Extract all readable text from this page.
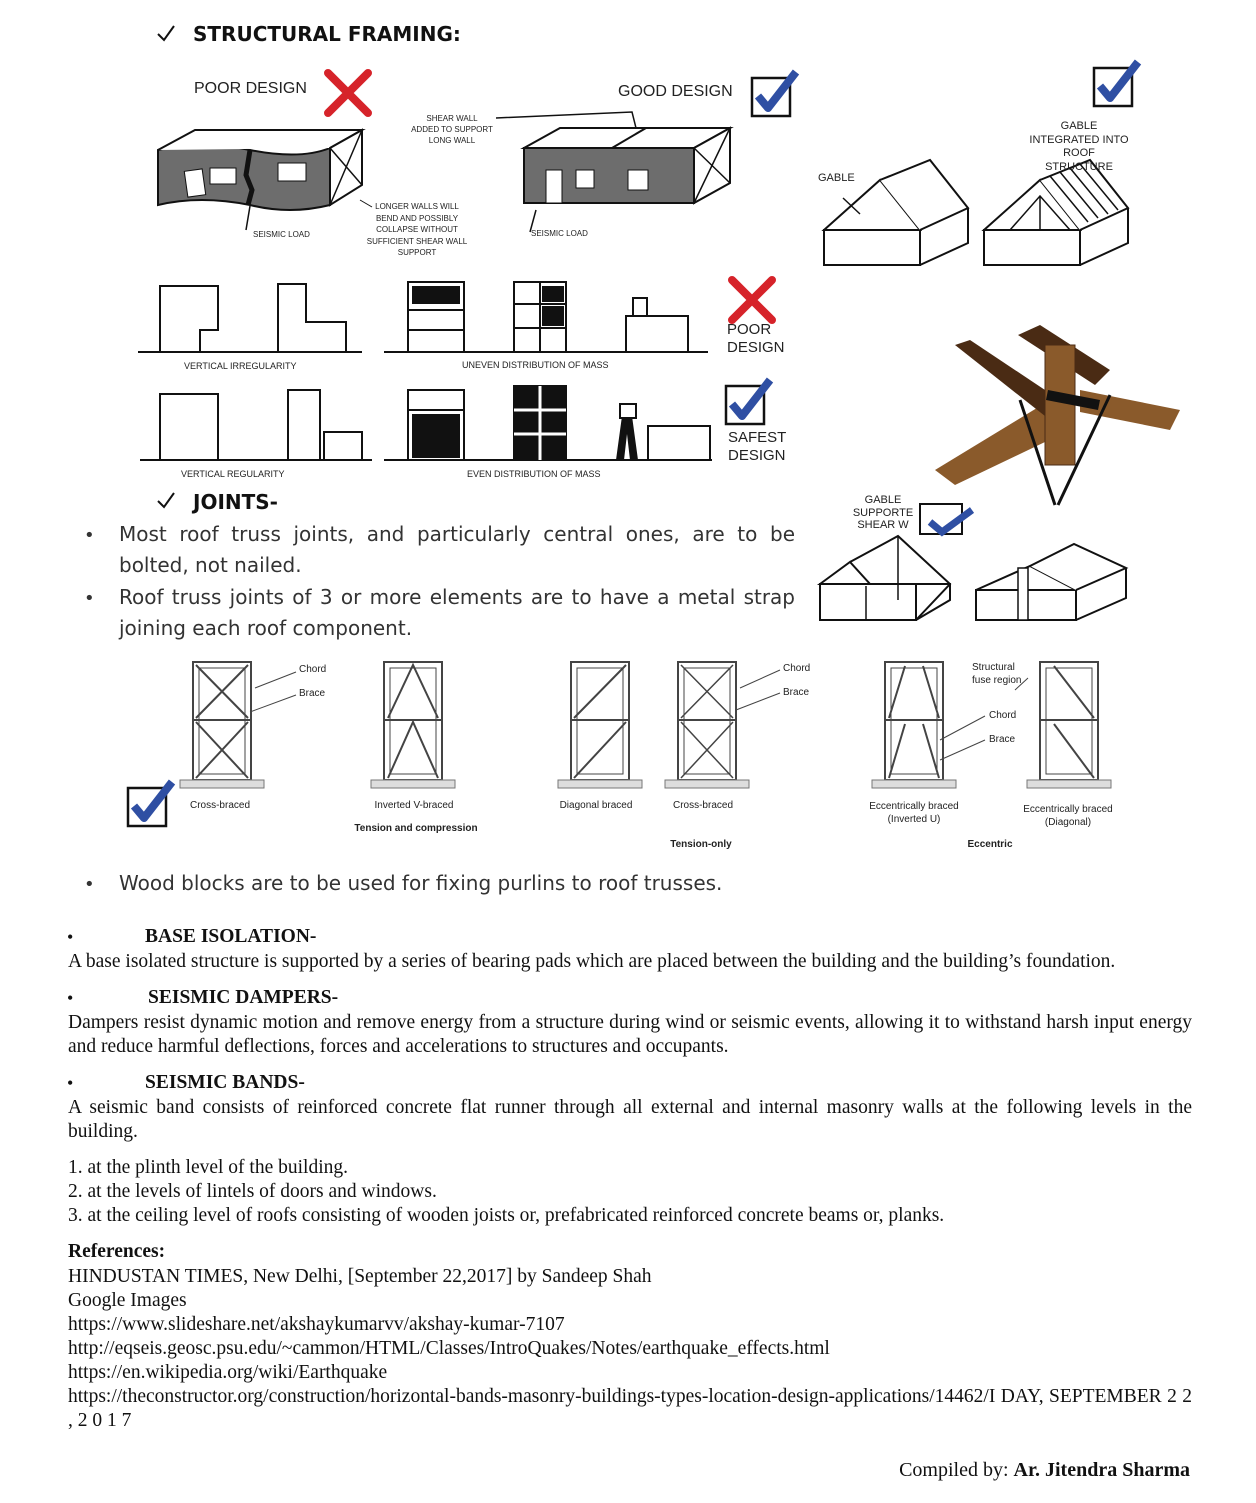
STRUCTURAL FRAMING:
POOR DESIGN	GOOD DESIGN
SHEAR WALL
ADDED TO SUPPORT
LONG WALL
LONGER WALLS WILL
BEND AND POSSIBLY
COLLAPSE WITHOUT
SUFFICIENT SHEAR WALL
SUPPORT
SEISMIC LOAD	SEISMIC LOAD
GABLE
GABLE
INTEGRATED INTO
ROOF
STRUCTURE
VERTICAL IRREGULARITY	UNEVEN DISTRIBUTION OF MASS
POOR
DESIGN
VERTICAL REGULARITY	EVEN DISTRIBUTION OF MASS
SAFEST
DESIGN
GABLE
SUPPORTE
SHEAR W
JOINTS-
• Most roof truss joints, and particularly central ones, are to be bolted, not nailed.
• Roof truss joints of 3 or more elements are to have a metal strap joining each roof component.
Chord
Brace
Chord
Brace
Structural
fuse region
Chord
Brace
Cross-braced	Inverted V-braced	Diagonal braced	Cross-braced	Eccentrically braced
(Inverted U)
Eccentrically braced
(Diagonal)
Tension and compression
Tension-only	Eccentric
• Wood blocks are to be used for fixing purlins to roof trusses.
•	BASE ISOLATION-
A base isolated structure is supported by a series of bearing pads which are placed between the building and the building’s foundation.
•	SEISMIC DAMPERS-
Dampers resist dynamic motion and remove energy from a structure during wind or seismic events, allowing it to withstand harsh input energy and reduce harmful deflections, forces and accelerations to structures and occupants.
•	SEISMIC BANDS-
A seismic band consists of reinforced concrete flat runner through all external and internal masonry walls at the following levels in the building.
1. at the plinth level of the building.
2. at the levels of lintels of doors and windows.
3. at the ceiling level of roofs consisting of wooden joists or, prefabricated reinforced concrete beams or, planks.
References:
HINDUSTAN TIMES, New Delhi, [September 22,2017] by Sandeep Shah
Google Images
https://www.slideshare.net/akshaykumarvv/akshay-kumar-7107
http://eqseis.geosc.psu.edu/~cammon/HTML/Classes/IntroQuakes/Notes/earthquake_effects.html
https://en.wikipedia.org/wiki/Earthquake
https://theconstructor.org/construction/horizontal-bands-masonry-buildings-types-location-design-applications/14462/I DAY, SEPTEMBER 2 2 , 2 0 1 7
Compiled by: Ar. Jitendra Sharma
